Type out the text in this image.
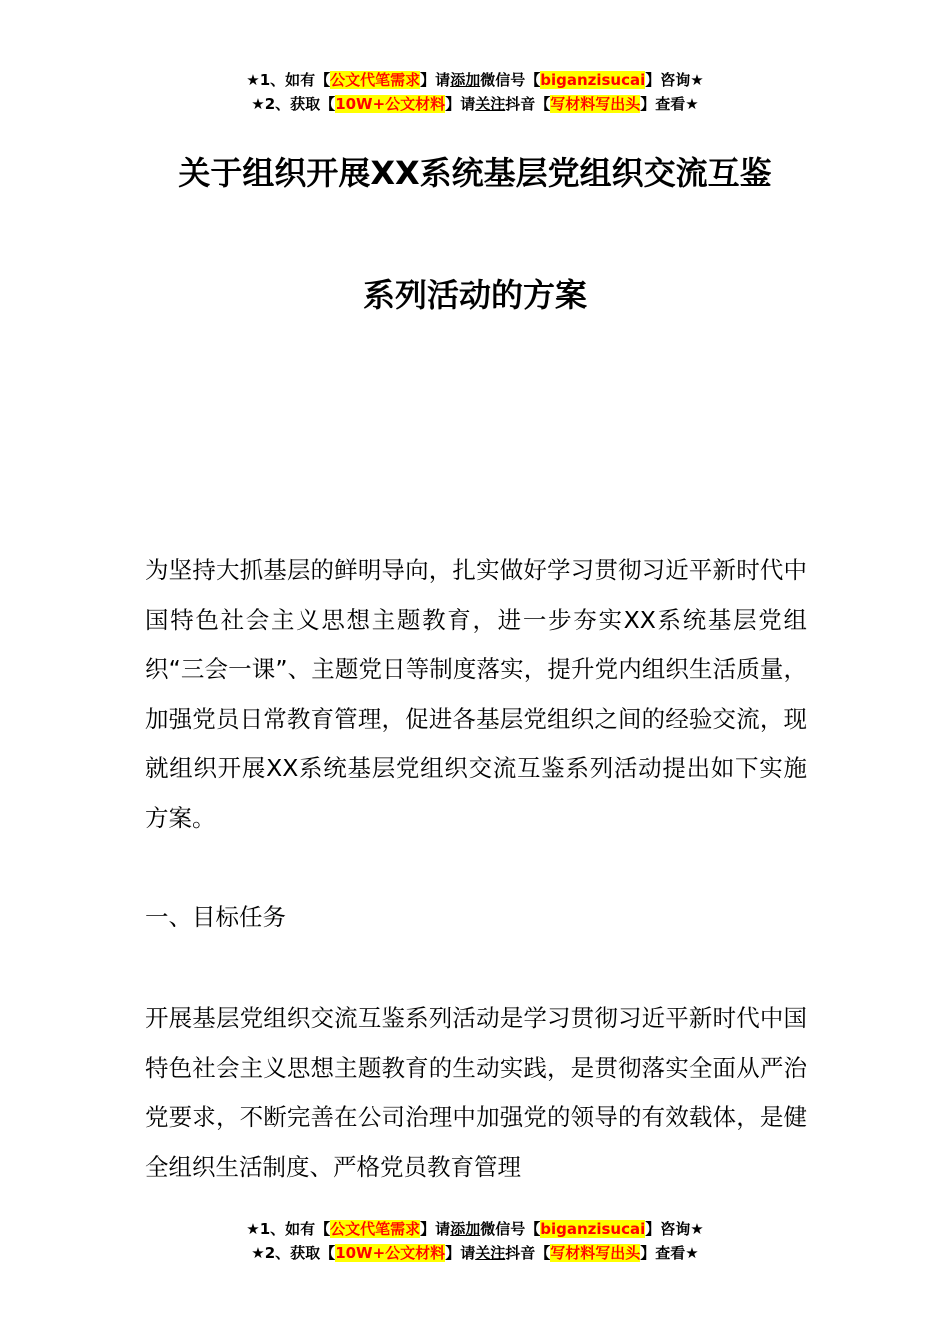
★1、如有【公文代笔需求】请添加微信号【biganzisucai】咨询★
★2、获取【10W+公文材料】请关注抖音【写材料写出头】查看★
关于组织开展XX系统基层党组织交流互鉴
系列活动的方案

为坚持大抓基层的鲜明导向，扎实做好学习贯彻习近平新时代中国特色社会主义思想主题教育，进一步夯实XX系统基层党组织“三会一课”、主题党日等制度落实，提升党内组织生活质量，加强党员日常教育管理，促进各基层党组织之间的经验交流，现就组织开展XX系统基层党组织交流互鉴系列活动提出如下实施方案。

一、目标任务

开展基层党组织交流互鉴系列活动是学习贯彻习近平新时代中国特色社会主义思想主题教育的生动实践，是贯彻落实全面从严治党要求，不断完善在公司治理中加强党的领导的有效载体，是健全组织生活制度、严格党员教育管理

★1、如有【公文代笔需求】请添加微信号【biganzisucai】咨询★
★2、获取【10W+公文材料】请关注抖音【写材料写出头】查看★
